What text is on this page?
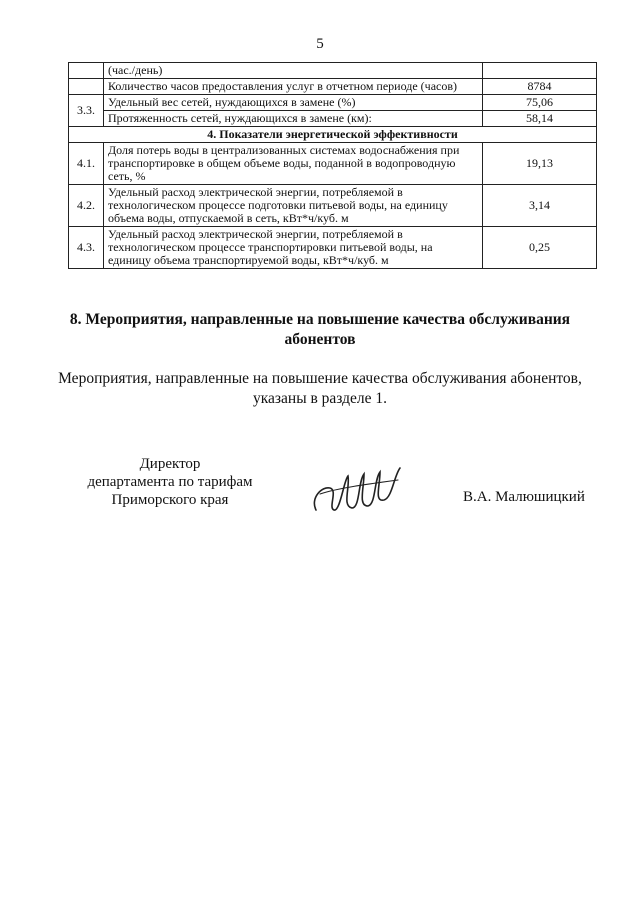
5
	(час./день)	
	Количество часов предоставления услуг в отчетном периоде (часов)	8784
3.3.	Удельный вес сетей, нуждающихся в замене (%)	75,06
	Протяженность сетей, нуждающихся в замене (км):	58,14
4. Показатели энергетической эффективности		
4.1.	Доля потерь воды в централизованных системах водоснабжения при транспортировке в общем объеме воды, поданной в водопроводную сеть, %	19,13
4.2.	Удельный расход электрической энергии, потребляемой в технологическом процессе подготовки питьевой воды, на единицу объема воды, отпускаемой в сеть, кВт*ч/куб. м	3,14
4.3.	Удельный расход электрической энергии, потребляемой в технологическом процессе транспортировки питьевой воды, на единицу объема транспортируемой воды, кВт*ч/куб. м	0,25
8. Мероприятия, направленные на повышение качества обслуживания абонентов
Мероприятия, направленные на повышение качества обслуживания абонентов, указаны в разделе 1.
Директор
департамента по тарифам
Приморского края	В.А. Малюшицкий
